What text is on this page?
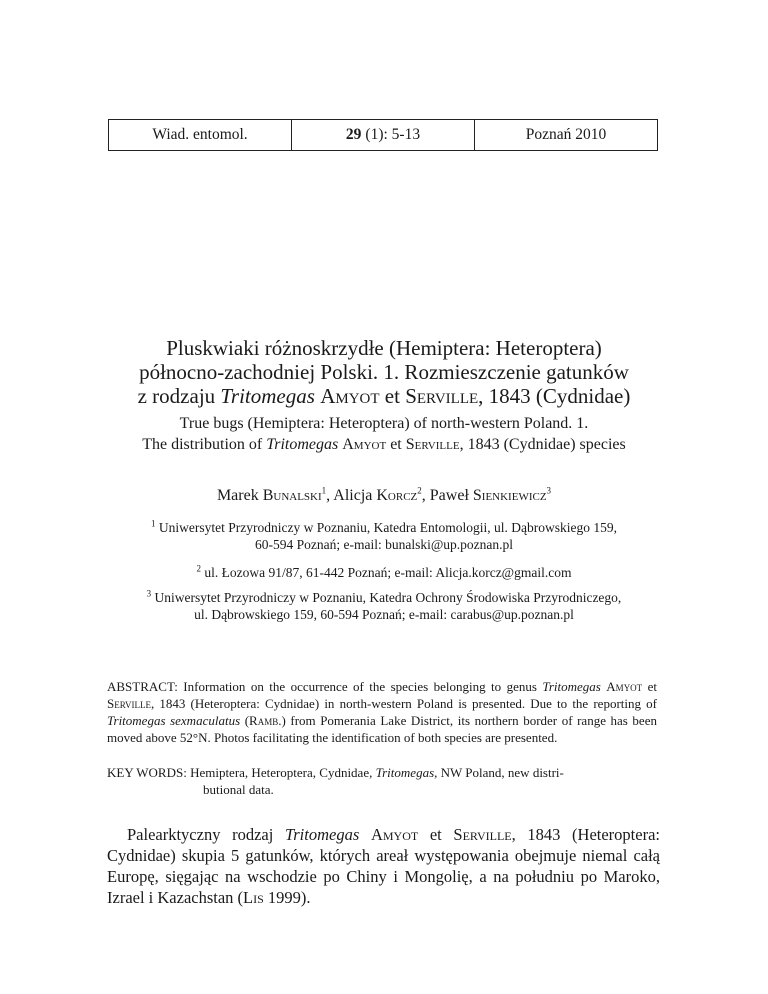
Wiad. entomol.	29 (1): 5-13	Poznań 2010
Pluskwiaki różnoskrzydłe (Hemiptera: Heteroptera)
północno-zachodniej Polski. 1. Rozmieszczenie gatunków
z rodzaju Tritomegas Amyot et Serville, 1843 (Cydnidae)
True bugs (Hemiptera: Heteroptera) of north-western Poland. 1.
The distribution of Tritomegas Amyot et Serville, 1843 (Cydnidae) species
Marek Bunalski$^1$, Alicja Korcz$^2$, Paweł Sienkiewicz$^3$
$^1$ Uniwersytet Przyrodniczy w Poznaniu, Katedra Entomologii, ul. Dąbrowskiego 159,
60-594 Poznań; e-mail: bunalski@up.poznan.pl
$^2$ ul. Łozowa 91/87, 61-442 Poznań; e-mail: Alicja.korcz@gmail.com
$^3$ Uniwersytet Przyrodniczy w Poznaniu, Katedra Ochrony Środowiska Przyrodniczego,
ul. Dąbrowskiego 159, 60-594 Poznań; e-mail: carabus@up.poznan.pl
ABSTRACT: Information on the occurrence of the species belonging to genus Tritomegas Amyot et Serville, 1843 (Heteroptera: Cydnidae) in north-western Poland is presented. Due to the reporting of Tritomegas sexmaculatus (Ramb.) from Pomerania Lake District, its northern border of range has been moved above 52°N. Photos facilitating the identification of both species are presented.
KEY WORDS: Hemiptera, Heteroptera, Cydnidae, Tritomegas, NW Poland, new distri-
butional data.
Palearktyczny rodzaj Tritomegas Amyot et Serville, 1843 (Heteroptera: Cydnidae) skupia 5 gatunków, których areał występowania obejmuje niemal całą Europę, sięgając na wschodzie po Chiny i Mongolię, a na południu po Maroko, Izrael i Kazachstan (Lis 1999).
